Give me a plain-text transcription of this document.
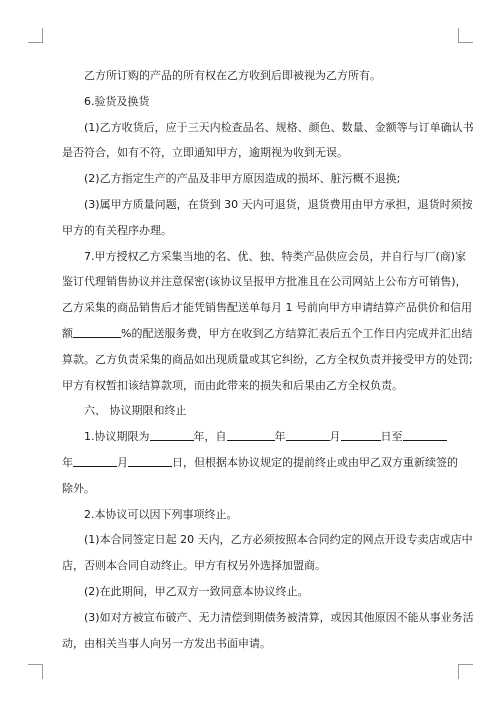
乙方所订购的产品的所有权在乙方收到后即被视为乙方所有。

6.验货及换货

(1)乙方收货后，应于三天内检查品名、规格、颜色、数量、金额等与订单确认书
是否符合，如有不符，立即通知甲方，逾期视为收到无误。

(2)乙方指定生产的产品及非甲方原因造成的损坏、脏污概不退换;

(3)属甲方质量问题，在货到 30 天内可退货，退货费用由甲方承担，退货时须按
甲方的有关程序办理。

7.甲方授权乙方采集当地的名、优、独、特类产品供应会员，并自行与厂(商)家
鉴订代理销售协议并注意保密(该协议呈报甲方批准且在公司网站上公布方可销售)，
乙方采集的商品销售后才能凭销售配送单每月 1 号前向甲方申请结算产品供价和信用
额	%的配送服务费，甲方在收到乙方结算汇表后五个工作日内完成并汇出结
算款。乙方负责采集的商品如出现质量或其它纠纷，乙方全权负责并接受甲方的处罚;
甲方有权暂扣该结算款项，而由此带来的损失和后果由乙方全权负责。

六、 协议期限和终止

1.协议期限为	年，自	年	月	日至
年	月	日，但根据本协议规定的提前终止或由甲乙双方重新续签的
除外。

2.本协议可以因下列事项终止。

(1)本合同签定日起 20 天内，乙方必须按照本合同约定的网点开设专卖店或店中
店，否则本合同自动终止。甲方有权另外选择加盟商。

(2)在此期间，甲乙双方一致同意本协议终止。

(3)如对方被宣布破产、无力清偿到期债务被清算，或因其他原因不能从事业务活
动，由相关当事人向另一方发出书面申请。
